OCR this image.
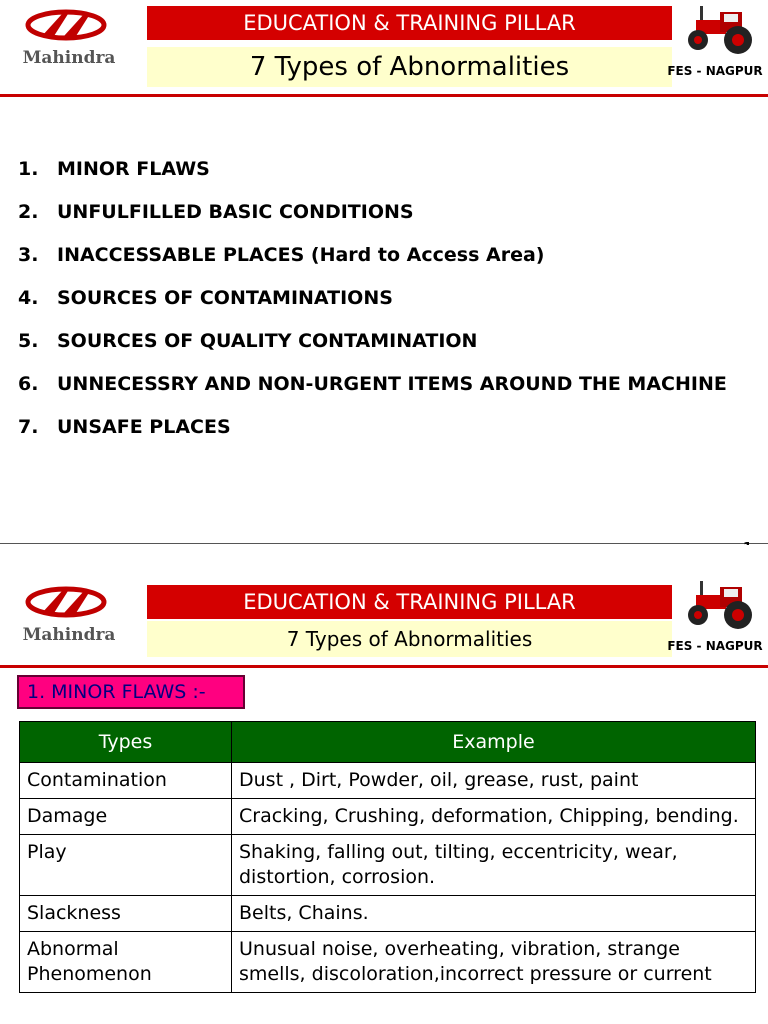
Mahindra
EDUCATION & TRAINING PILLAR
7 Types of Abnormalities	FES - NAGPUR
1. MINOR FLAWS
2. UNFULFILLED BASIC CONDITIONS
3. INACCESSABLE PLACES (Hard to Access Area)
4. SOURCES OF CONTAMINATIONS
5. SOURCES OF QUALITY CONTAMINATION
6. UNNECESSRY AND NON-URGENT ITEMS AROUND THE MACHINE
7. UNSAFE PLACES
Mahindra
EDUCATION & TRAINING PILLAR
7 Types of Abnormalities	FES - NAGPUR
1. MINOR FLAWS :-
Types	Example
Contamination	Dust , Dirt, Powder, oil, grease, rust, paint
Damage	Cracking, Crushing, deformation, Chipping, bending.
Play	Shaking, falling out, tilting, eccentricity, wear, distortion, corrosion.
Slackness	Belts, Chains.
Abnormal Phenomenon	Unusual noise, overheating, vibration, strange smells, discoloration,incorrect pressure or current
